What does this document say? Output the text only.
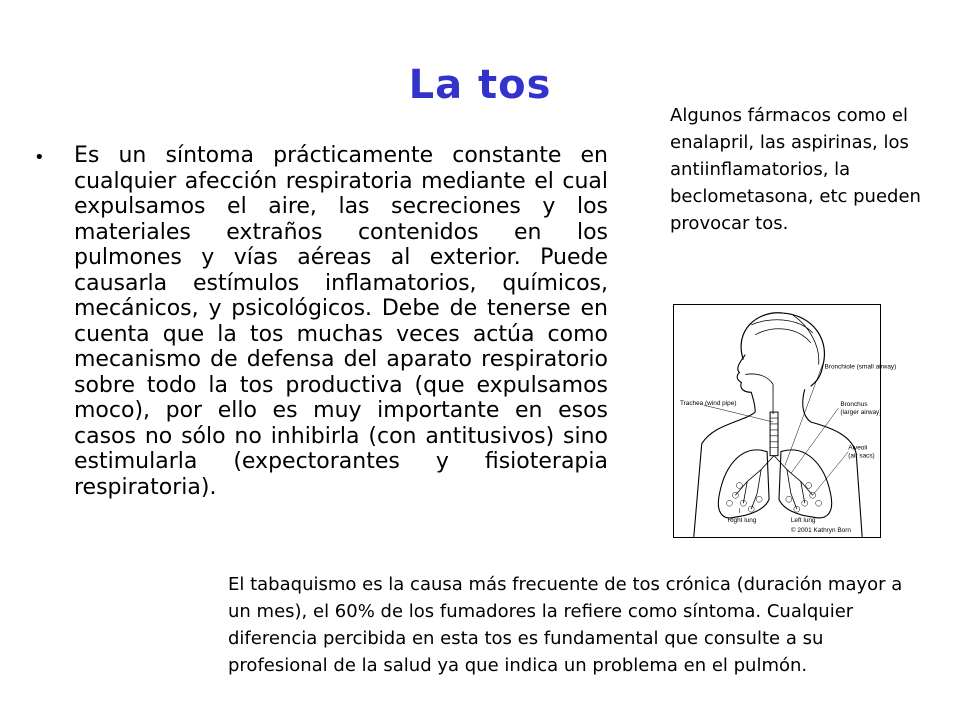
La tos
• Es un síntoma prácticamente constante en cualquier afección respiratoria mediante el cual expulsamos el aire, las secreciones y los materiales extraños contenidos en los pulmones y vías aéreas al exterior. Puede causarla estímulos inflamatorios, químicos, mecánicos, y psicológicos. Debe de tenerse en cuenta que la tos muchas veces actúa como mecanismo de defensa del aparato respiratorio sobre todo la tos productiva (que expulsamos moco), por ello es muy importante en esos casos no sólo no inhibirla (con antitusivos) sino estimularla (expectorantes y fisioterapia respiratoria).
Algunos fármacos como el enalapril, las aspirinas, los antiinflamatorios, la beclometasona, etc pueden provocar tos.
Bronchiole (small airway)
Trachea (wind pipe)	Bronchus
(larger airway)
Alveoli
(air sacs)
Right lung	Left lung
© 2001 Kathryn Born
El tabaquismo es la causa más frecuente de tos crónica (duración mayor a un mes), el 60% de los fumadores la refiere como síntoma. Cualquier diferencia percibida en esta tos es fundamental que consulte a su profesional de la salud ya que indica un problema en el pulmón.
